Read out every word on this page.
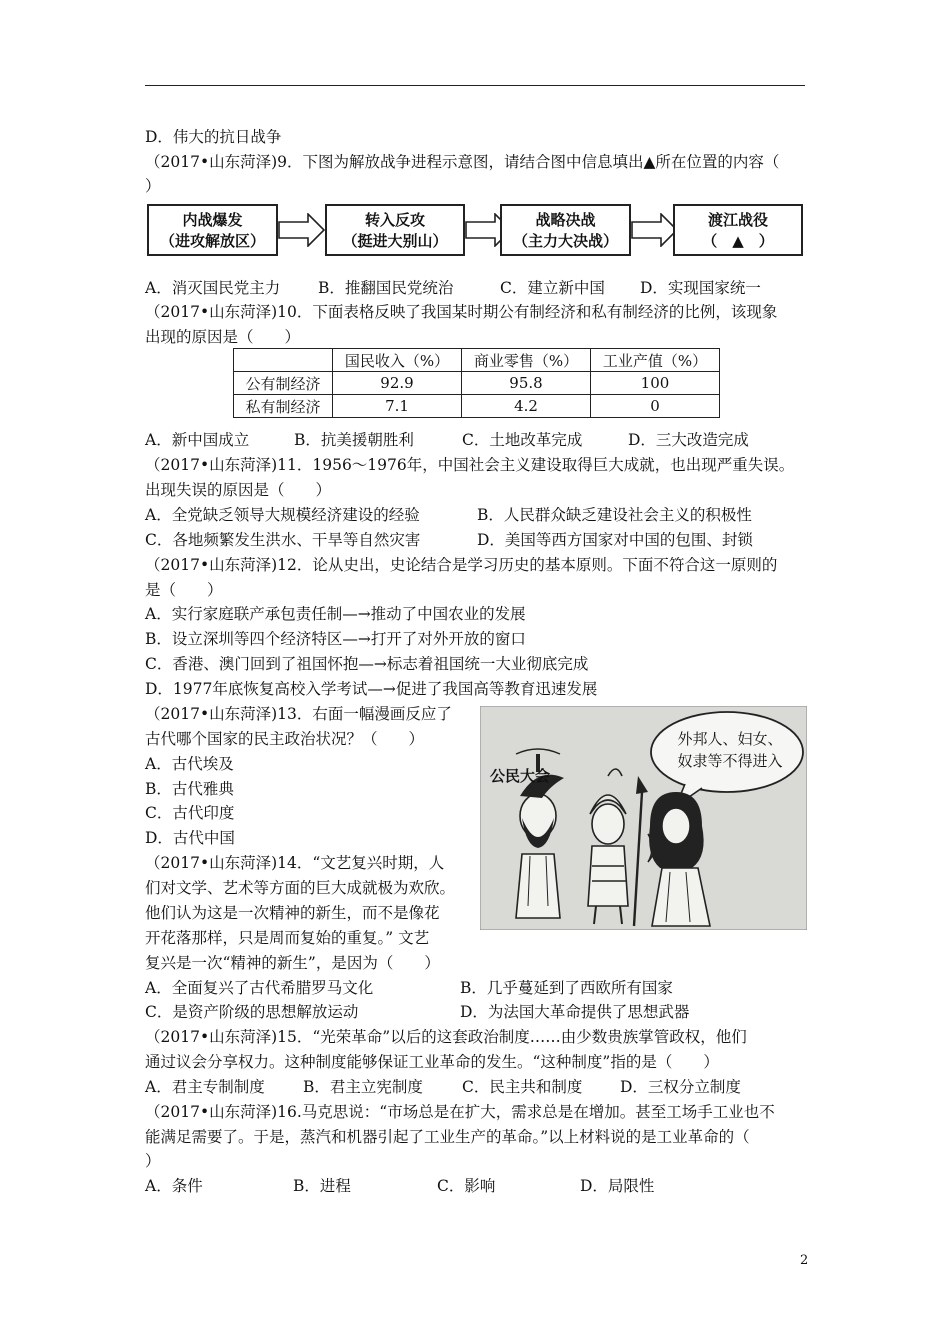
D．伟大的抗日战争
（2017•山东菏泽)9．下图为解放战争进程示意图，请结合图中信息填出▲所在位置的内容（
）
内战爆发
（进攻解放区）
转入反攻
（挺进大别山）
战略决战
（主力大决战）
渡江战役
（　▲　）
A．消灭国民党主力 B．推翻国民党统治	C．建立新中国 D．实现国家统一
（2017•山东菏泽)10．下面表格反映了我国某时期公有制经济和私有制经济的比例，该现象
出现的原因是（　　）
	国民收入（%）	商业零售（%）	工业产值（%）
公有制经济	92.9	95.8	100
私有制经济	7.1	4.2	0
A．新中国成立	B．抗美援朝胜利	C．土地改革完成	D．三大改造完成
（2017•山东菏泽)11．1956～1976年，中国社会主义建设取得巨大成就，也出现严重失误。
出现失误的原因是（　　）
A．全党缺乏领导大规模经济建设的经验	B．人民群众缺乏建设社会主义的积极性
C．各地频繁发生洪水、干旱等自然灾害	D．美国等西方国家对中国的包围、封锁
（2017•山东菏泽)12．论从史出，史论结合是学习历史的基本原则。下面不符合这一原则的
是（　　）
A．实行家庭联产承包责任制—→推动了中国农业的发展
B．设立深圳等四个经济特区—→打开了对外开放的窗口
C．香港、澳门回到了祖国怀抱—→标志着祖国统一大业彻底完成
D．1977年底恢复高校入学考试—→促进了我国高等教育迅速发展
（2017•山东菏泽)13．右面一幅漫画反应了
古代哪个国家的民主政治状况？（　　）
A．古代埃及
B．古代雅典
C．古代印度
D．古代中国
公民大会
外邦人、妇女、
奴隶等不得进入
（2017•山东菏泽)14．“文艺复兴时期，人
们对文学、艺术等方面的巨大成就极为欢欣。
他们认为这是一次精神的新生，而不是像花
开花落那样，只是周而复始的重复。” 文艺
复兴是一次“精神的新生”，是因为（　　）
A．全面复兴了古代希腊罗马文化	B．几乎蔓延到了西欧所有国家
C．是资产阶级的思想解放运动	D．为法国大革命提供了思想武器
（2017•山东菏泽)15．“光荣革命”以后的这套政治制度……由少数贵族掌管政权，他们
通过议会分享权力。这种制度能够保证工业革命的发生。“这种制度”指的是（　　）
A．君主专制制度 B．君主立宪制度	C．民主共和制度 D．三权分立制度
（2017•山东菏泽)16.马克思说：“市场总是在扩大，需求总是在增加。甚至工场手工业也不
能满足需要了。于是，蒸汽和机器引起了工业生产的革命。”以上材料说的是工业革命的（
）
A．条件	B．进程	C．影响	D．局限性
2
